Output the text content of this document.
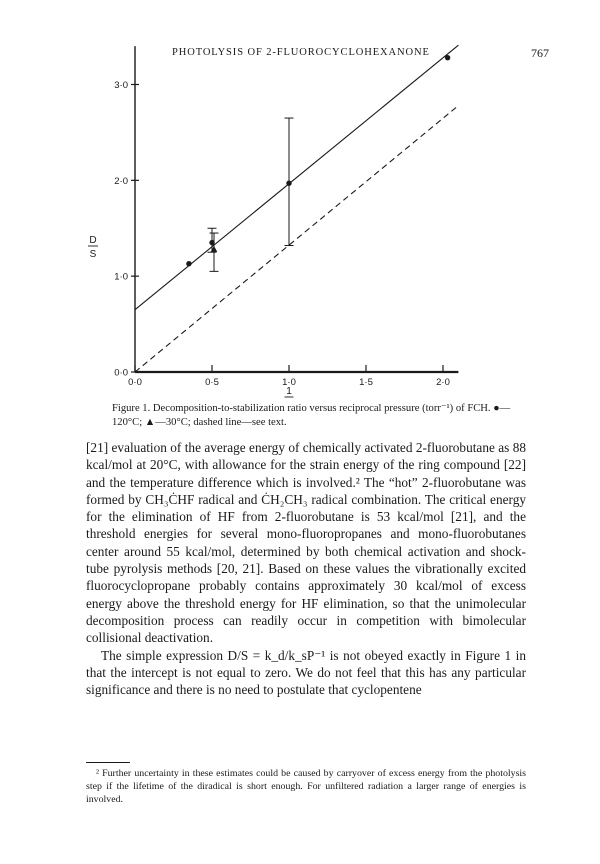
PHOTOLYSIS OF 2-FLUOROCYCLOHEXANONE	767
0·0	0·5	1·0	1·5	2·0
0·0
1·0
2·0
3·0
D
S
1
Figure 1. Decomposition-to-stabilization ratio versus reciprocal pressure (torr⁻¹) of FCH. ●—120°C; ▲—30°C; dashed line—see text.

[21] evaluation of the average energy of chemically activated 2-fluorobutane as 88 kcal/mol at 20°C, with allowance for the strain energy of the ring compound [22] and the temperature difference which is involved.² The “hot” 2-fluorobutane was formed by CH₃ĊHF radical and ĊH₂CH₃ radical combination. The critical energy for the elimination of HF from 2-fluorobutane is 53 kcal/mol [21], and the threshold energies for several mono-fluoropropanes and mono-fluorobutanes center around 55 kcal/mol, determined by both chemical activation and shock-tube pyrolysis methods [20, 21]. Based on these values the vibrationally excited fluorocyclopropane probably contains approximately 30 kcal/mol of excess energy above the threshold energy for HF elimination, so that the unimolecular decomposition process can readily occur in competition with bimolecular collisional deactivation.

The simple expression D/S = k_d/k_sP⁻¹ is not obeyed exactly in Figure 1 in that the intercept is not equal to zero. We do not feel that this has any particular significance and there is no need to postulate that cyclopentene

² Further uncertainty in these estimates could be caused by carryover of excess energy from the photolysis step if the lifetime of the diradical is short enough. For unfiltered radiation a larger range of energies is involved.
